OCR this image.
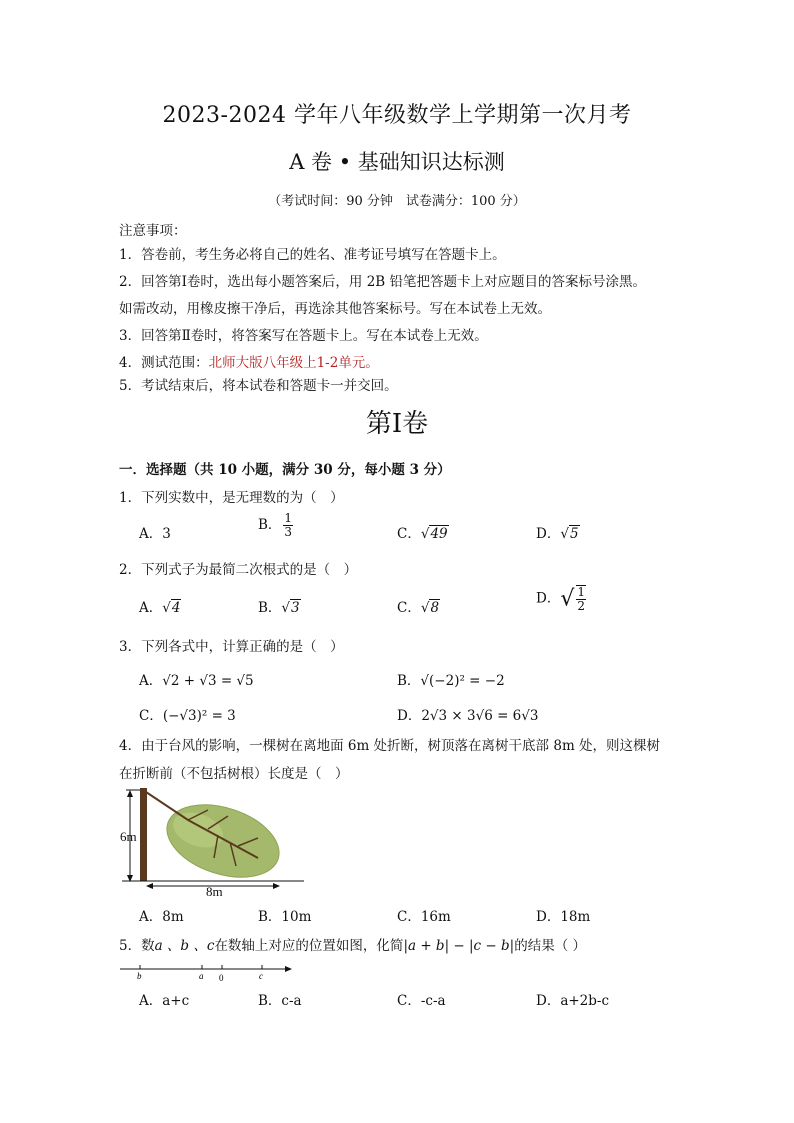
2023-2024 学年八年级数学上学期第一次月考
A 卷 • 基础知识达标测
（考试时间：90 分钟　试卷满分：100 分）
注意事项：
1．答卷前，考生务必将自己的姓名、准考证号填写在答题卡上。
2．回答第Ⅰ卷时，选出每小题答案后，用 2B 铅笔把答题卡上对应题目的答案标号涂黑。
如需改动，用橡皮擦干净后，再选涂其他答案标号。写在本试卷上无效。
3．回答第Ⅱ卷时，将答案写在答题卡上。写在本试卷上无效。
4．测试范围：北师大版八年级上1-2单元。
5．考试结束后，将本试卷和答题卡一并交回。
第Ⅰ卷
一．选择题（共 10 小题，满分 30 分，每小题 3 分）
1．下列实数中，是无理数的为（　）
A．3
B． $\frac{1}{3}$	C．√49	D．√5
2．下列式子为最简二次根式的是（　）
A．√4	B．√3	C．√8
D．√ $\frac{1}{2}$
3．下列各式中，计算正确的是（　）
A．√2 + √3 = √5	B．√(−2)² = −2
C．(−√3)² = 3	D．2√3 × 3√6 = 6√3
4．由于台风的影响，一棵树在离地面 6m 处折断，树顶落在离树干底部 8m 处，则这棵树
在折断前（不包括树根）长度是（　）
6m
8m
A．8m	B．10m	C．16m	D．18m
5．数a 、b 、c在数轴上对应的位置如图，化简|a + b| − |c − b|的结果（ ）
b	a 0	c
A．a+c	B．c-a	C．-c-a	D．a+2b-c
